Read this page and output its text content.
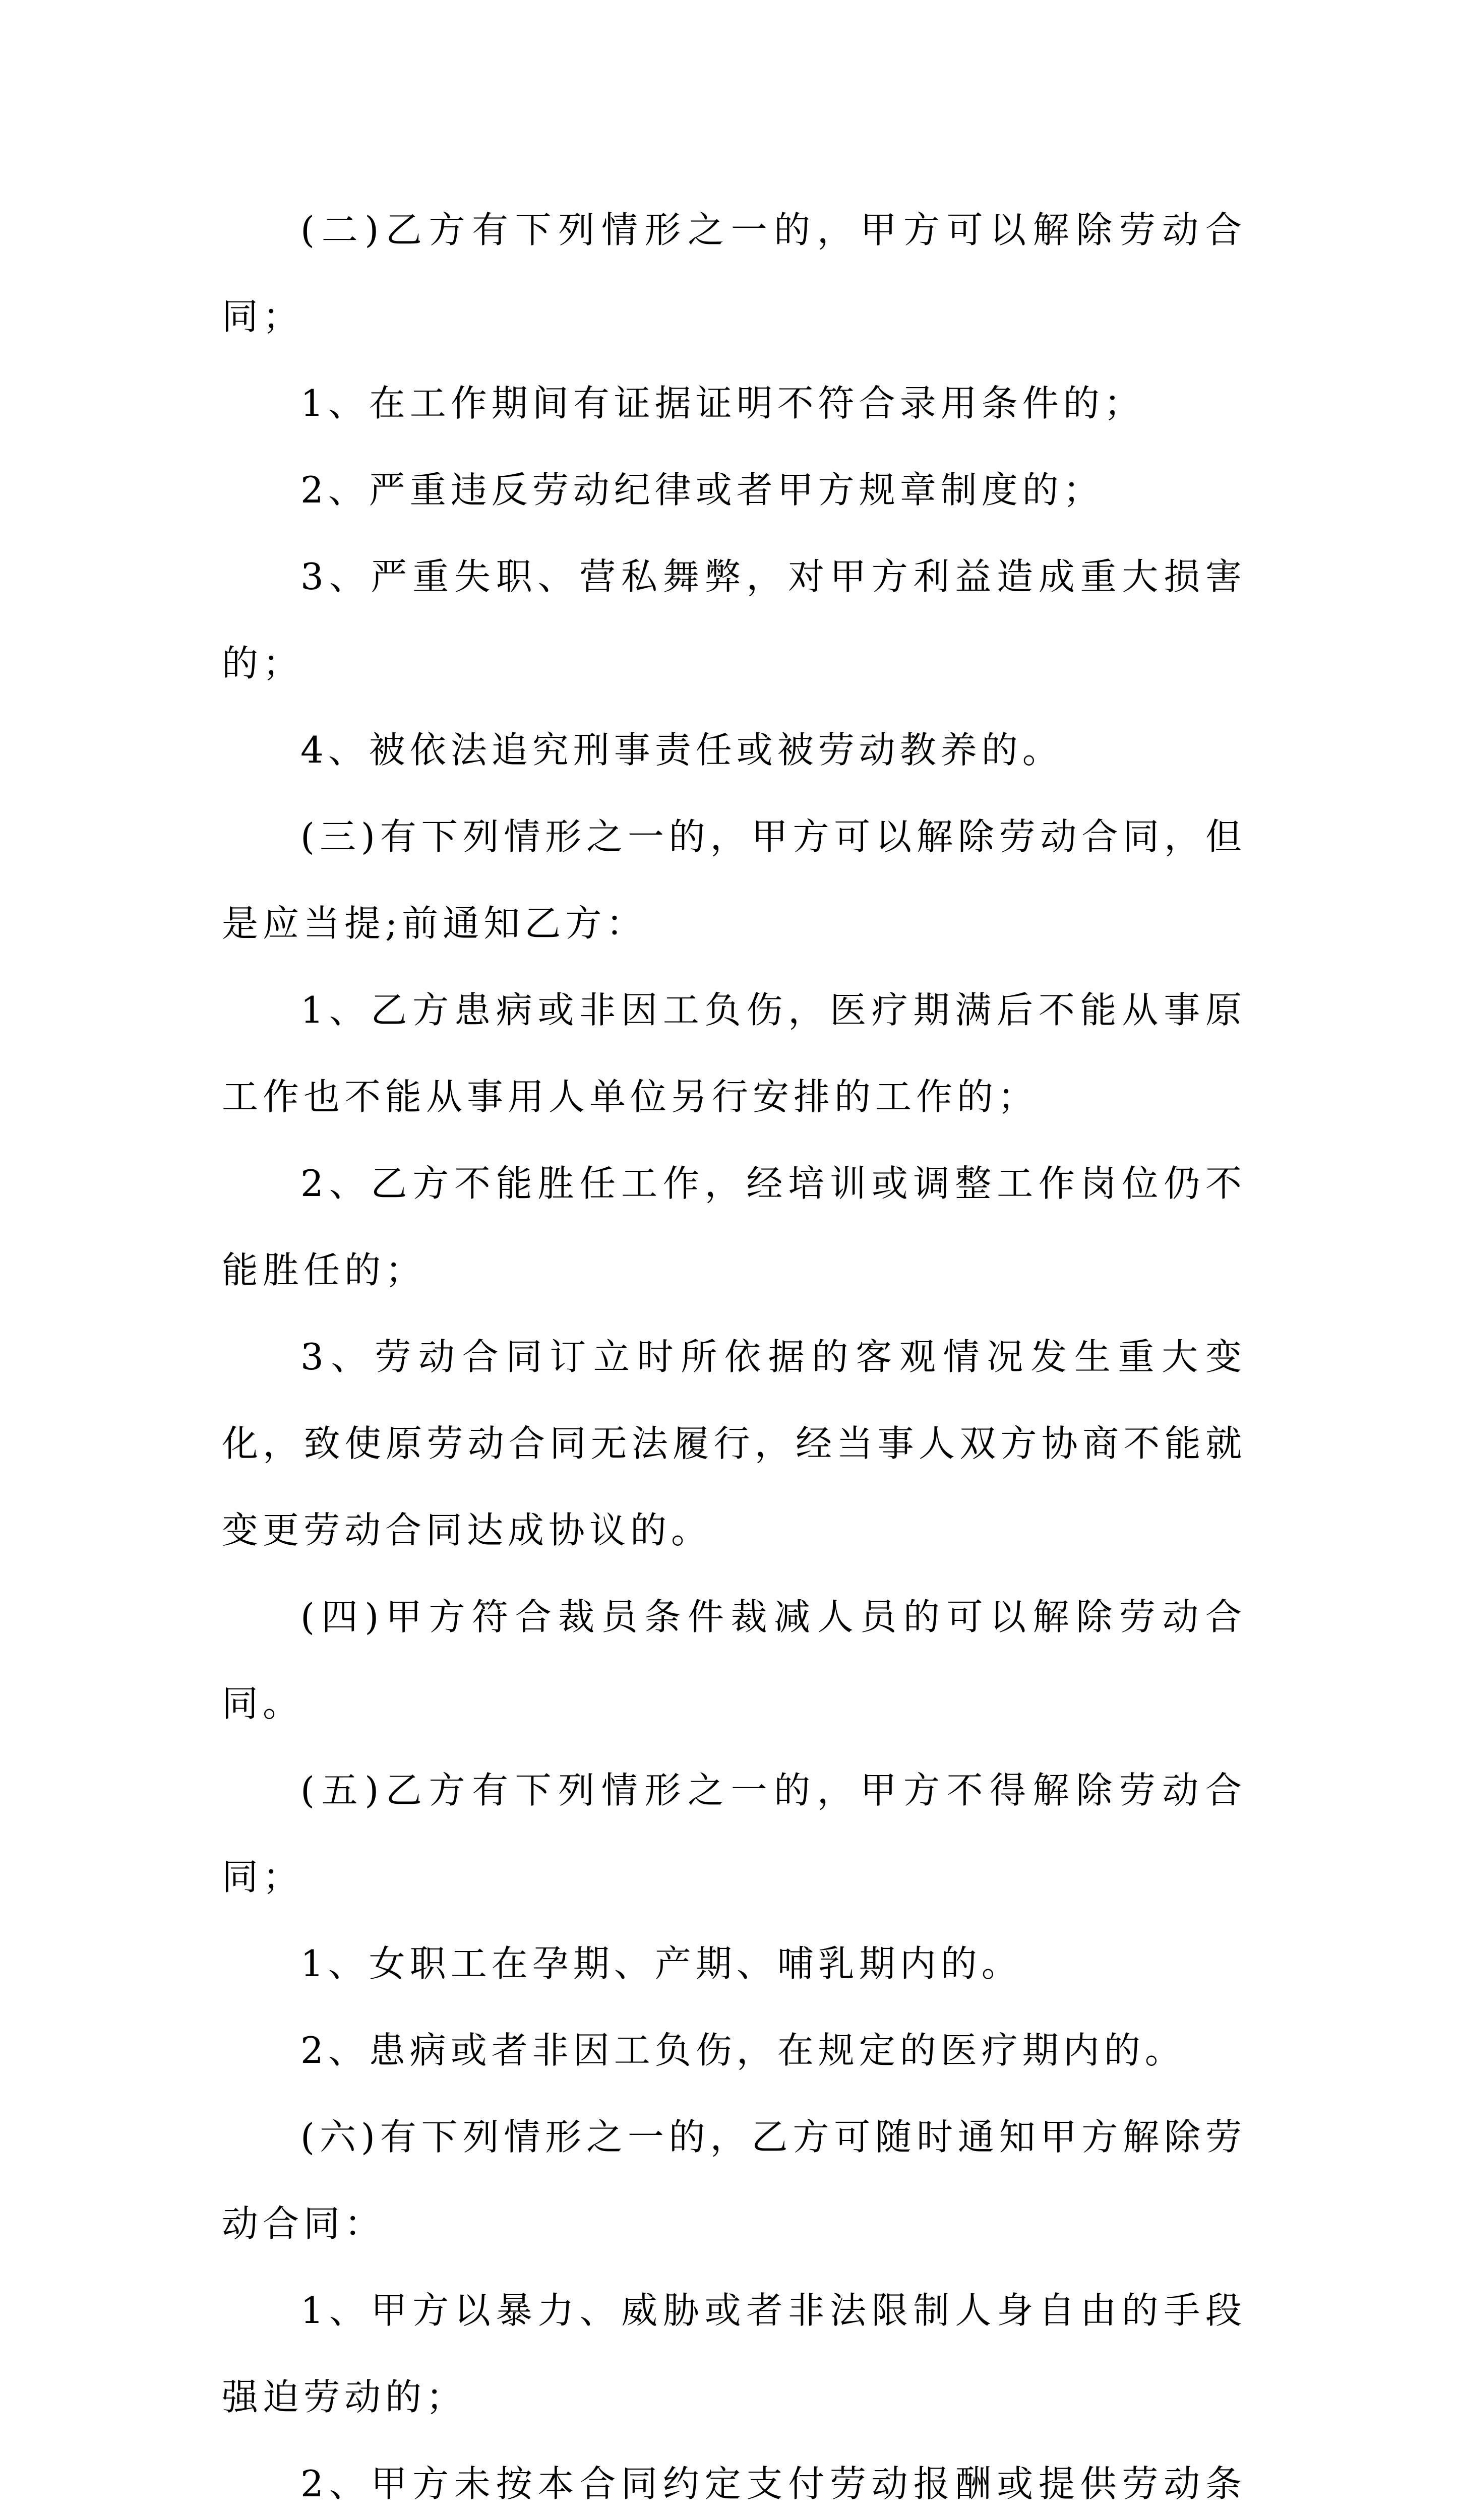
(二)乙方有下列情形之一的，甲方可以解除劳动合同；

1、在工作期间有证据证明不符合录用条件的；

2、严重违反劳动纪律或者甲方规章制度的；

3、严重失职、营私舞弊，对甲方利益造成重大损害的；

4、被依法追究刑事责任或被劳动教养的。

(三)有下列情形之一的，甲方可以解除劳动合同，但是应当提;前通知乙方：

1、乙方患病或非因工负伤，医疗期满后不能从事原工作也不能从事用人单位另行安排的工作的；

2、乙方不能胜任工作，经培训或调整工作岗位仍不能胜任的；

3、劳动合同订立时所依据的客观情况发生重大变化，致使原劳动合同无法履行，经当事人双方协商不能就变更劳动合同达成协议的。

(四)甲方符合裁员条件裁减人员的可以解除劳动合同。

(五)乙方有下列情形之一的，甲方不得解除劳动合同；

1、女职工在孕期、产期、哺乳期内的。

2、患病或者非因工负伤，在规定的医疗期内的。

(六)有下列情形之一的，乙方可随时通知甲方解除劳动合同：

1、甲方以暴力、威胁或者非法限制人身自由的手段强迫劳动的；

2、甲方未按本合同约定支付劳动报酬或提供劳动条
